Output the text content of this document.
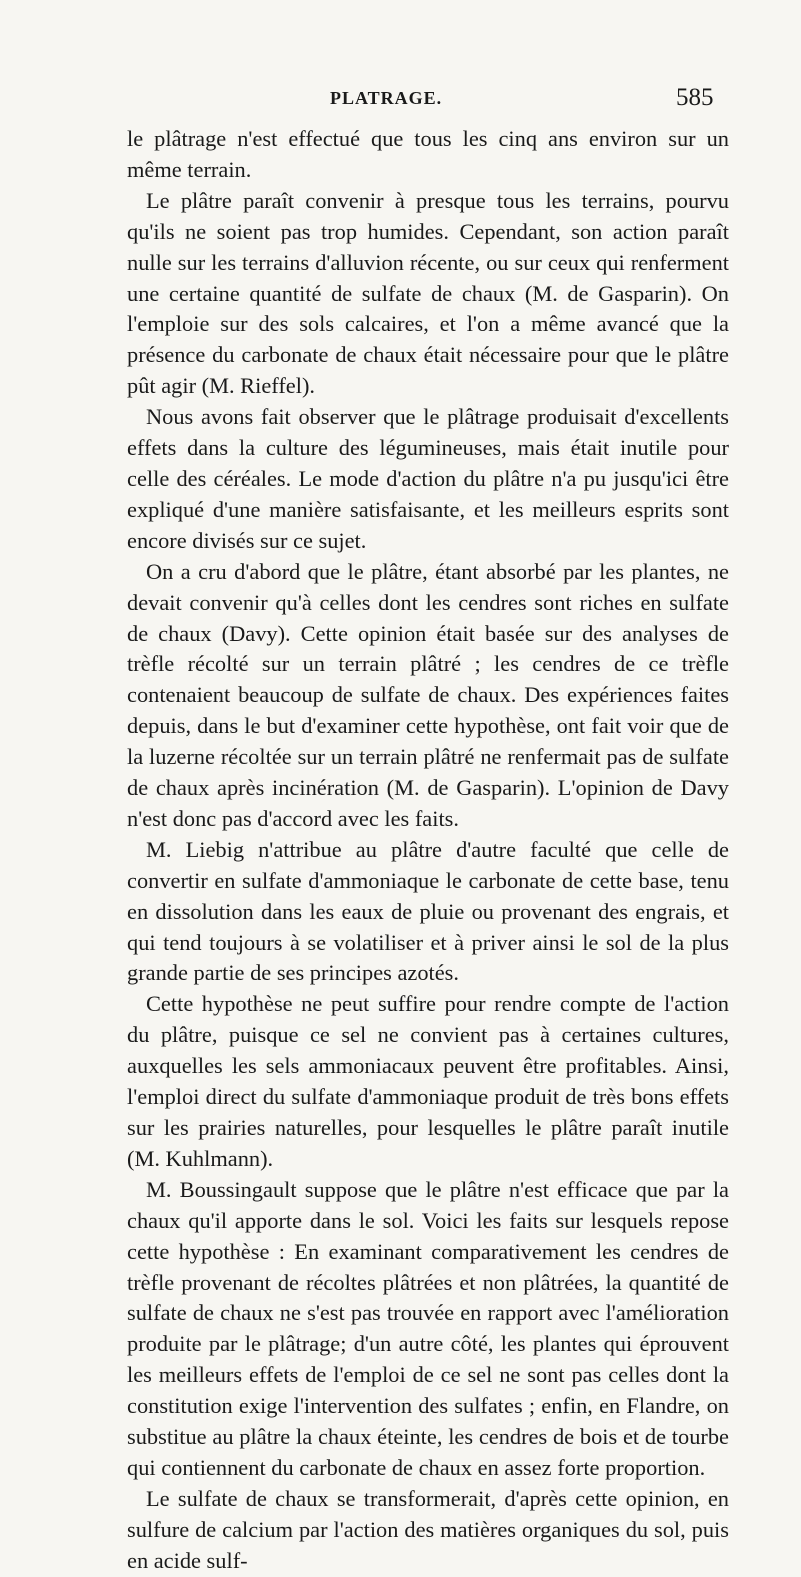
PLATRAGE.	585

le plâtrage n'est effectué que tous les cinq ans environ sur un même terrain.

Le plâtre paraît convenir à presque tous les terrains, pourvu qu'ils ne soient pas trop humides. Cependant, son action paraît nulle sur les terrains d'alluvion récente, ou sur ceux qui renferment une certaine quantité de sulfate de chaux (M. de Gasparin). On l'emploie sur des sols calcaires, et l'on a même avancé que la présence du carbonate de chaux était nécessaire pour que le plâtre pût agir (M. Rieffel).

Nous avons fait observer que le plâtrage produisait d'excellents effets dans la culture des légumineuses, mais était inutile pour celle des céréales. Le mode d'action du plâtre n'a pu jusqu'ici être expliqué d'une manière satisfaisante, et les meilleurs esprits sont encore divisés sur ce sujet.

On a cru d'abord que le plâtre, étant absorbé par les plantes, ne devait convenir qu'à celles dont les cendres sont riches en sulfate de chaux (Davy). Cette opinion était basée sur des analyses de trèfle récolté sur un terrain plâtré ; les cendres de ce trèfle contenaient beaucoup de sulfate de chaux. Des expériences faites depuis, dans le but d'examiner cette hypothèse, ont fait voir que de la luzerne récoltée sur un terrain plâtré ne renfermait pas de sulfate de chaux après incinération (M. de Gasparin). L'opinion de Davy n'est donc pas d'accord avec les faits.

M. Liebig n'attribue au plâtre d'autre faculté que celle de convertir en sulfate d'ammoniaque le carbonate de cette base, tenu en dissolution dans les eaux de pluie ou provenant des engrais, et qui tend toujours à se volatiliser et à priver ainsi le sol de la plus grande partie de ses principes azotés.

Cette hypothèse ne peut suffire pour rendre compte de l'action du plâtre, puisque ce sel ne convient pas à certaines cultures, auxquelles les sels ammoniacaux peuvent être profitables. Ainsi, l'emploi direct du sulfate d'ammoniaque produit de très bons effets sur les prairies naturelles, pour lesquelles le plâtre paraît inutile (M. Kuhlmann).

M. Boussingault suppose que le plâtre n'est efficace que par la chaux qu'il apporte dans le sol. Voici les faits sur lesquels repose cette hypothèse : En examinant comparativement les cendres de trèfle provenant de récoltes plâtrées et non plâtrées, la quantité de sulfate de chaux ne s'est pas trouvée en rapport avec l'amélioration produite par le plâtrage; d'un autre côté, les plantes qui éprouvent les meilleurs effets de l'emploi de ce sel ne sont pas celles dont la constitution exige l'intervention des sulfates ; enfin, en Flandre, on substitue au plâtre la chaux éteinte, les cendres de bois et de tourbe qui contiennent du carbonate de chaux en assez forte proportion.

Le sulfate de chaux se transformerait, d'après cette opinion, en sulfure de calcium par l'action des matières organiques du sol, puis en acide sulf-
